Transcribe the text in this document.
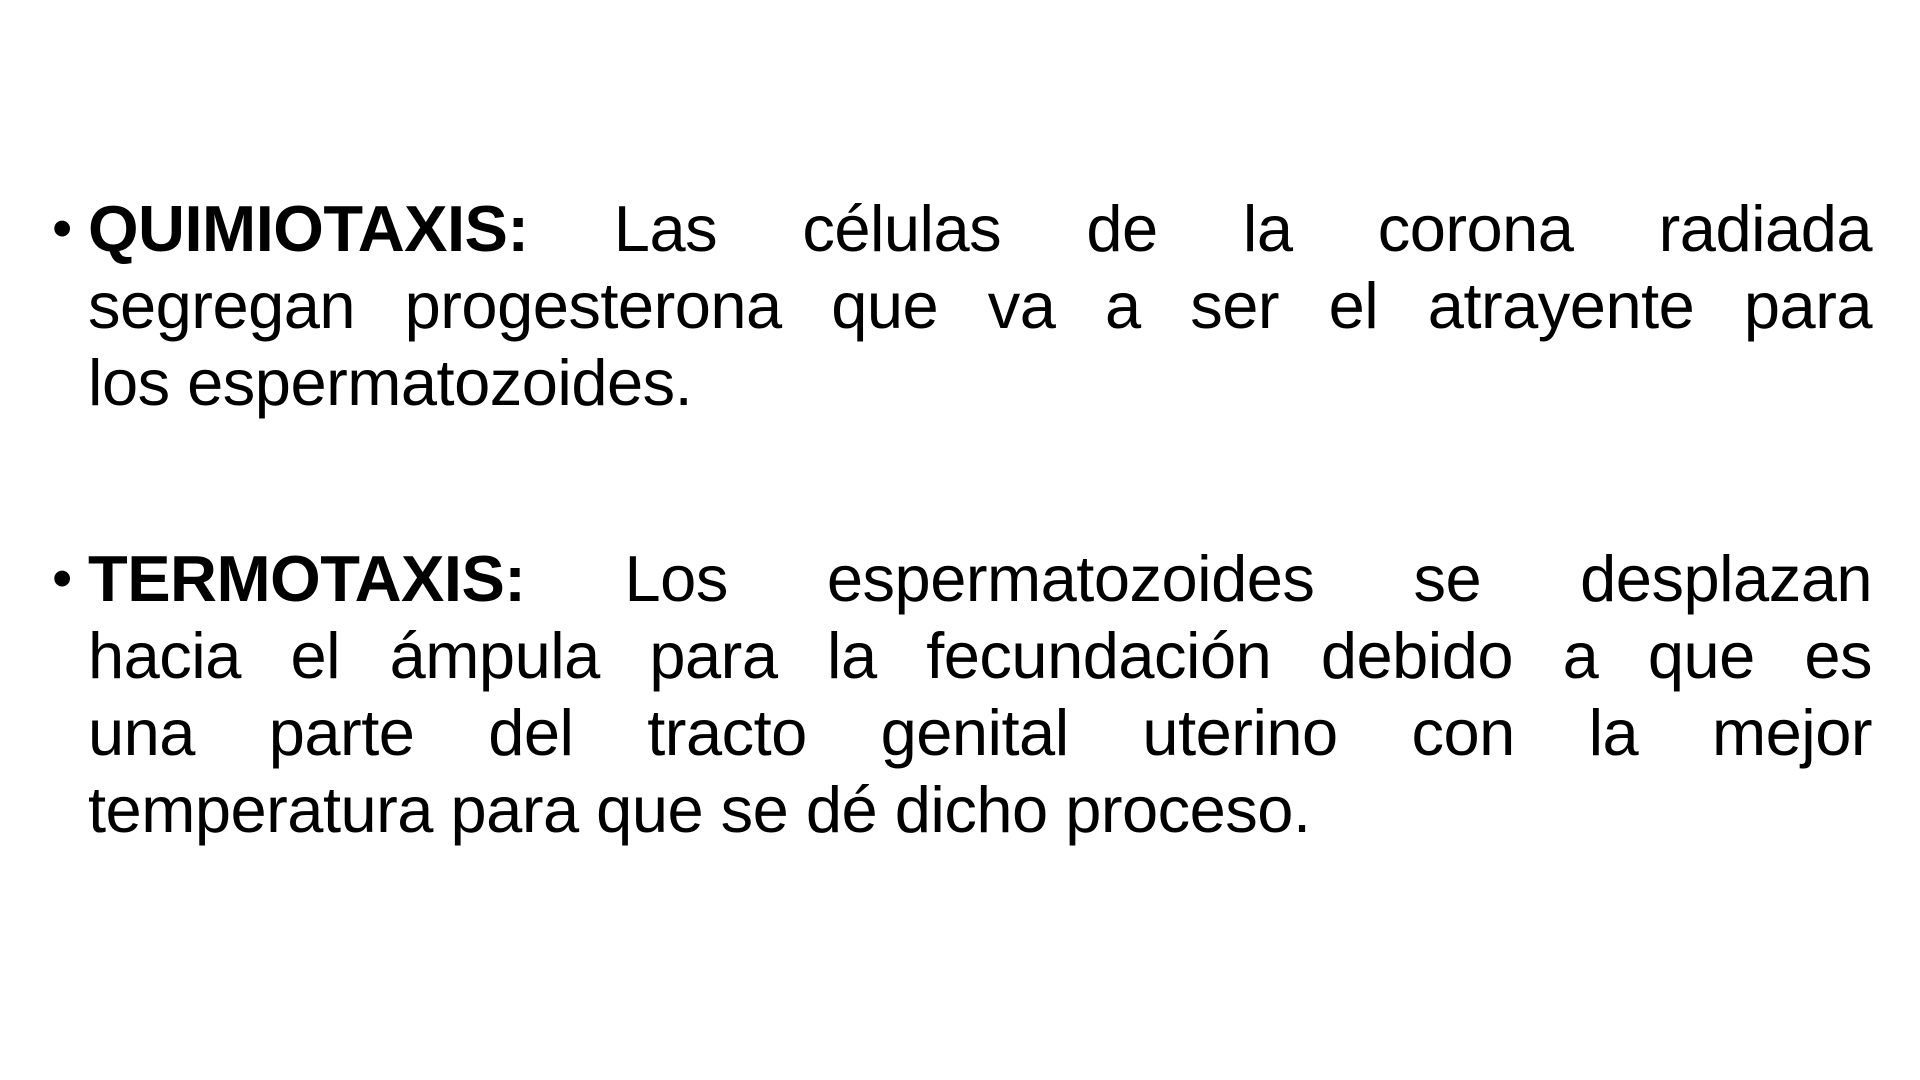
• QUIMIOTAXIS: Las células de la corona radiada
segregan progesterona que va a ser el atrayente para
los espermatozoides.
• TERMOTAXIS: Los espermatozoides se desplazan
hacia el ámpula para la fecundación debido a que es
una parte del tracto genital uterino con la mejor
temperatura para que se dé dicho proceso.
